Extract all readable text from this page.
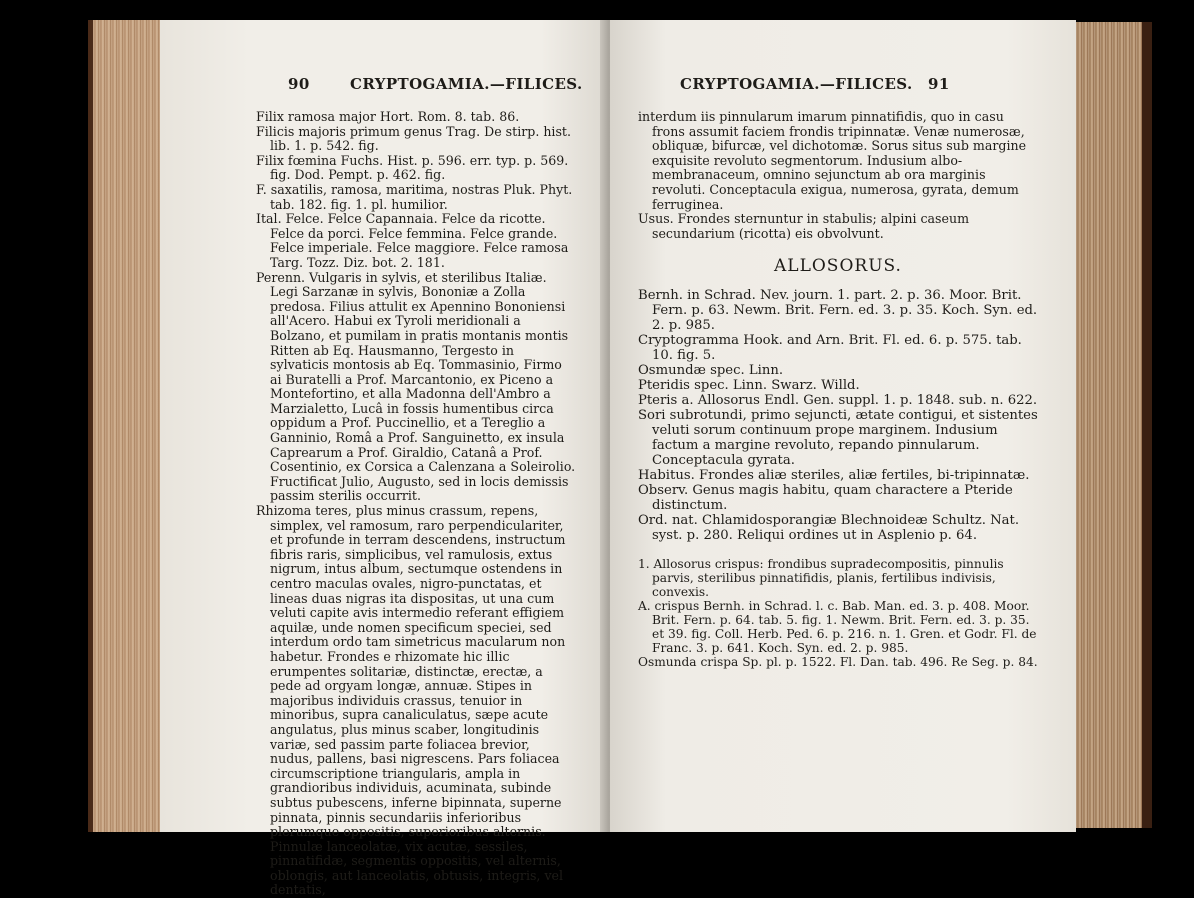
90	CRYPTOGAMIA.—FILICES.

Filix ramosa major Hort. Rom. 8. tab. 86.

Filicis majoris primum genus Trag. De stirp. hist. lib. 1. p. 542. fig.

Filix fœmina Fuchs. Hist. p. 596. err. typ. p. 569. fig. Dod. Pempt. p. 462. fig.

F. saxatilis, ramosa, maritima, nostras Pluk. Phyt. tab. 182. fig. 1. pl. humilior.

Ital. Felce. Felce Capannaia. Felce da ricotte. Felce da porci. Felce femmina. Felce grande. Felce imperiale. Felce maggiore. Felce ramosa Targ. Tozz. Diz. bot. 2. 181.

Perenn. Vulgaris in sylvis, et sterilibus Italiæ. Legi Sarzanæ in sylvis, Bononiæ a Zolla predosa. Filius attulit ex Apennino Bononiensi all'Acero. Habui ex Tyroli meridionali a Bolzano, et pumilam in pratis montanis montis Ritten ab Eq. Hausmanno, Tergesto in sylvaticis montosis ab Eq. Tommasinio, Firmo ai Buratelli a Prof. Marcantonio, ex Piceno a Montefortino, et alla Madonna dell'Ambro a Marzialetto, Lucâ in fossis humentibus circa oppidum a Prof. Puccinellio, et a Tereglio a Ganninio, Româ a Prof. Sanguinetto, ex insula Caprearum a Prof. Giraldio, Catanâ a Prof. Cosentinio, ex Corsica a Calenzana a Soleirolio. Fructificat Julio, Augusto, sed in locis demissis passim sterilis occurrit.

Rhizoma teres, plus minus crassum, repens, simplex, vel ramosum, raro perpendiculariter, et profunde in terram descendens, instructum fibris raris, simplicibus, vel ramulosis, extus nigrum, intus album, sectumque ostendens in centro maculas ovales, nigro-punctatas, et lineas duas nigras ita dispositas, ut una cum veluti capite avis intermedio referant effigiem aquilæ, unde nomen specificum speciei, sed interdum ordo tam simetricus macularum non habetur. Frondes e rhizomate hic illic erumpentes solitariæ, distinctæ, erectæ, a pede ad orgyam longæ, annuæ. Stipes in majoribus individuis crassus, tenuior in minoribus, supra canaliculatus, sæpe acute angulatus, plus minus scaber, longitudinis variæ, sed passim parte foliacea brevior, nudus, pallens, basi nigrescens. Pars foliacea circumscriptione triangularis, ampla in grandioribus individuis, acuminata, subinde subtus pubescens, inferne bipinnata, superne pinnata, pinnis secundariis inferioribus plerumque oppositis, superioribus alternis. Pinnulæ lanceolatæ, vix acutæ, sessiles, pinnatifidæ, segmentis oppositis, vel alternis, oblongis, aut lanceolatis, obtusis, integris, vel dentatis,

CRYPTOGAMIA.—FILICES. 91

interdum iis pinnularum imarum pinnatifidis, quo in casu frons assumit faciem frondis tripinnatæ. Venæ numerosæ, obliquæ, bifurcæ, vel dichotomæ. Sorus situs sub margine exquisite revoluto segmentorum. Indusium albo-membranaceum, omnino sejunctum ab ora marginis revoluti. Conceptacula exigua, numerosa, gyrata, demum ferruginea.

Usus. Frondes sternuntur in stabulis; alpini caseum secundarium (ricotta) eis obvolvunt.

ALLOSORUS.

Bernh. in Schrad. Nev. journ. 1. part. 2. p. 36. Moor. Brit. Fern. p. 63. Newm. Brit. Fern. ed. 3. p. 35. Koch. Syn. ed. 2. p. 985.

Cryptogramma Hook. and Arn. Brit. Fl. ed. 6. p. 575. tab. 10. fig. 5.

Osmundæ spec. Linn.

Pteridis spec. Linn. Swarz. Willd.

Pteris a. Allosorus Endl. Gen. suppl. 1. p. 1848. sub. n. 622.

Sori subrotundi, primo sejuncti, ætate contigui, et sistentes veluti sorum continuum prope marginem. Indusium factum a margine revoluto, repando pinnularum. Conceptacula gyrata.

Habitus. Frondes aliæ steriles, aliæ fertiles, bi-tripinnatæ.

Observ. Genus magis habitu, quam charactere a Pteride distinctum.

Ord. nat. Chlamidosporangiæ Blechnoideæ Schultz. Nat. syst. p. 280. Reliqui ordines ut in Asplenio p. 64.

1. Allosorus crispus: frondibus supradecompositis, pinnulis parvis, sterilibus pinnatifidis, planis, fertilibus indivisis, convexis.

A. crispus Bernh. in Schrad. l. c. Bab. Man. ed. 3. p. 408. Moor. Brit. Fern. p. 64. tab. 5. fig. 1. Newm. Brit. Fern. ed. 3. p. 35. et 39. fig. Coll. Herb. Ped. 6. p. 216. n. 1. Gren. et Godr. Fl. de Franc. 3. p. 641. Koch. Syn. ed. 2. p. 985.

Osmunda crispa Sp. pl. p. 1522. Fl. Dan. tab. 496. Re Seg. p. 84.
